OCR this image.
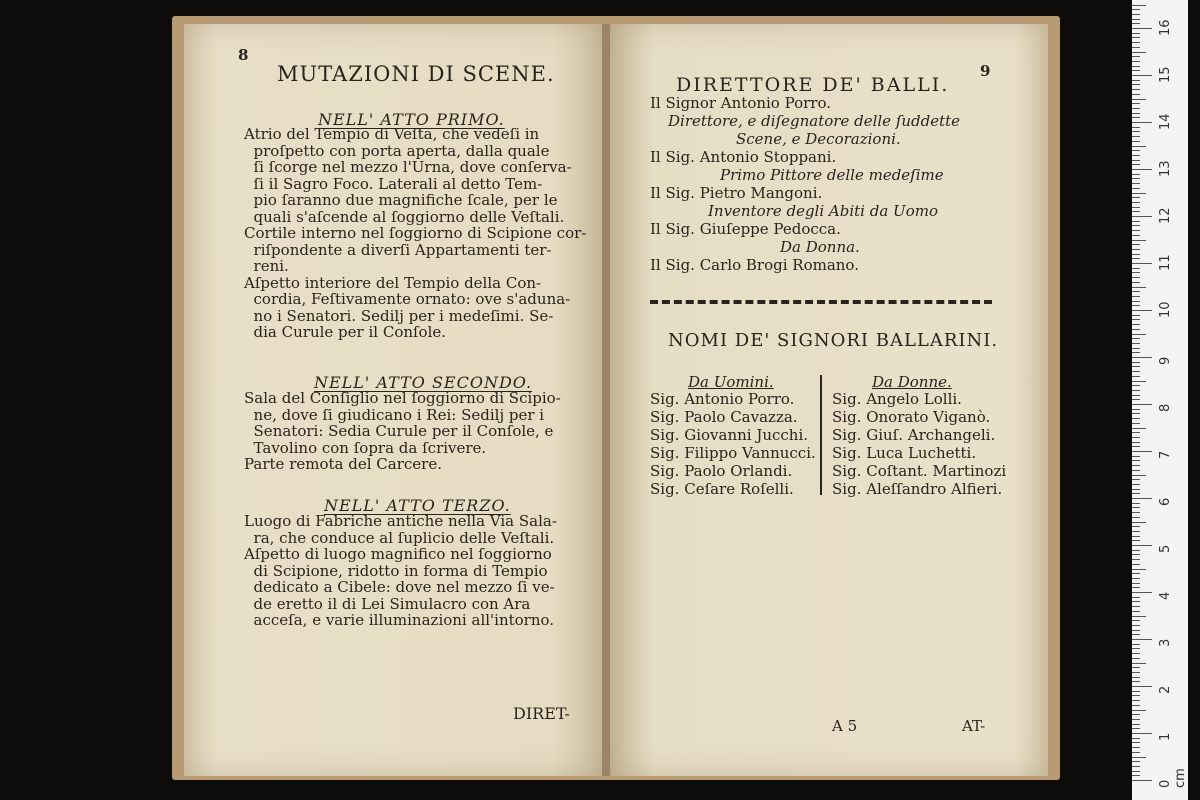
8
MUTAZIONI DI SCENE.
NELL' ATTO PRIMO.
Atrio del Tempio di Veſta, che vedeſi in
proſpetto con porta aperta, dalla quale
ſi ſcorge nel mezzo l'Urna, dove conſerva-
ſi il Sagro Foco. Laterali al detto Tem-
pio ſaranno due magnifiche ſcale, per le
quali s'aſcende al ſoggiorno delle Veſtali.
Cortile interno nel ſoggiorno di Scipione cor-
riſpondente a diverſi Appartamenti ter-
reni.
Aſpetto interiore del Tempio della Con-
cordia, Feſtivamente ornato: ove s'aduna-
no i Senatori. Sedilj per i medeſimi. Se-
dia Curule per il Conſole.
NELL' ATTO SECONDO.
Sala del Conſiglio nel ſoggiorno di Scipio-
ne, dove ſi giudicano i Rei: Sedilj per i
Senatori: Sedia Curule per il Conſole, e
Tavolino con ſopra da ſcrivere.
Parte remota del Carcere.
NELL' ATTO TERZO.
Luogo di Fabriche antiche nella Via Sala-
ra, che conduce al ſuplicio delle Veſtali.
Aſpetto di luogo magnifico nel ſoggiorno
di Scipione, ridotto in forma di Tempio
dedicato a Cibele: dove nel mezzo ſi ve-
de eretto il di Lei Simulacro con Ara
acceſa, e varie illuminazioni all'intorno.
DIRET-
9
DIRETTORE DE' BALLI.
Il Signor Antonio Porro.
Direttore, e diſegnatore delle ſuddette
Scene, e Decorazioni.
Il Sig. Antonio Stoppani.
Primo Pittore delle medeſime
Il Sig. Pietro Mangoni.
Inventore degli Abiti da Uomo
Il Sig. Giuſeppe Pedocca.
Da Donna.
Il Sig. Carlo Brogi Romano.
NOMI DE' SIGNORI BALLARINI.
Da Uomini.	Da Donne.
Sig. Antonio Porro.
Sig. Paolo Cavazza.
Sig. Giovanni Jucchi.
Sig. Filippo Vannucci.
Sig. Paolo Orlandi.
Sig. Ceſare Roſelli.
Sig. Angelo Lolli.
Sig. Onorato Viganò.
Sig. Giuſ. Archangeli.
Sig. Luca Luchetti.
Sig. Coſtant. Martinozi
Sig. Aleſſandro Alfieri.
A 5	AT-
0 cm
1
2
3
4
5
6
7
8
9
10
11
12
13
14
15
16
